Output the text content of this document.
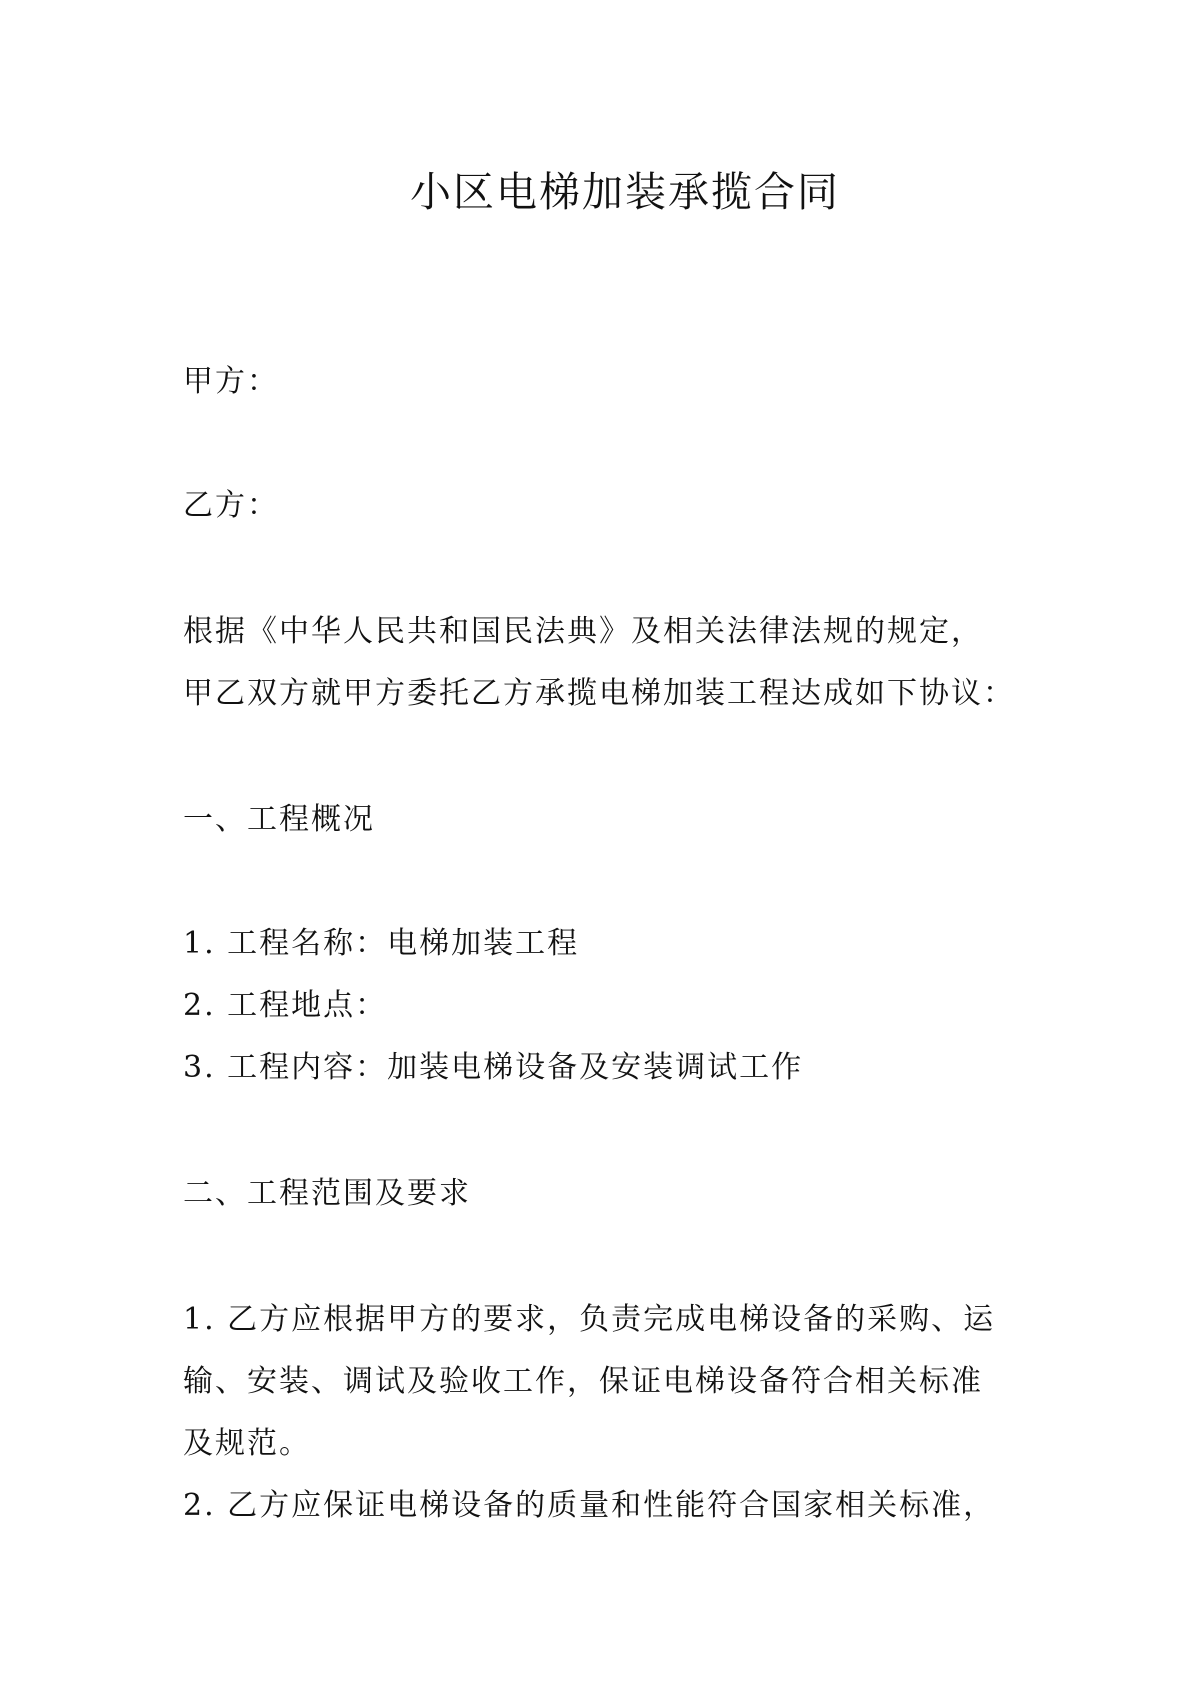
小区电梯加装承揽合同
甲方：
乙方：
根据《中华人民共和国民法典》及相关法律法规的规定，
甲乙双方就甲方委托乙方承揽电梯加装工程达成如下协议：
一、工程概况
1. 工程名称：电梯加装工程
2. 工程地点：
3. 工程内容：加装电梯设备及安装调试工作
二、工程范围及要求
1. 乙方应根据甲方的要求，负责完成电梯设备的采购、运
输、安装、调试及验收工作，保证电梯设备符合相关标准
及规范。
2. 乙方应保证电梯设备的质量和性能符合国家相关标准，
